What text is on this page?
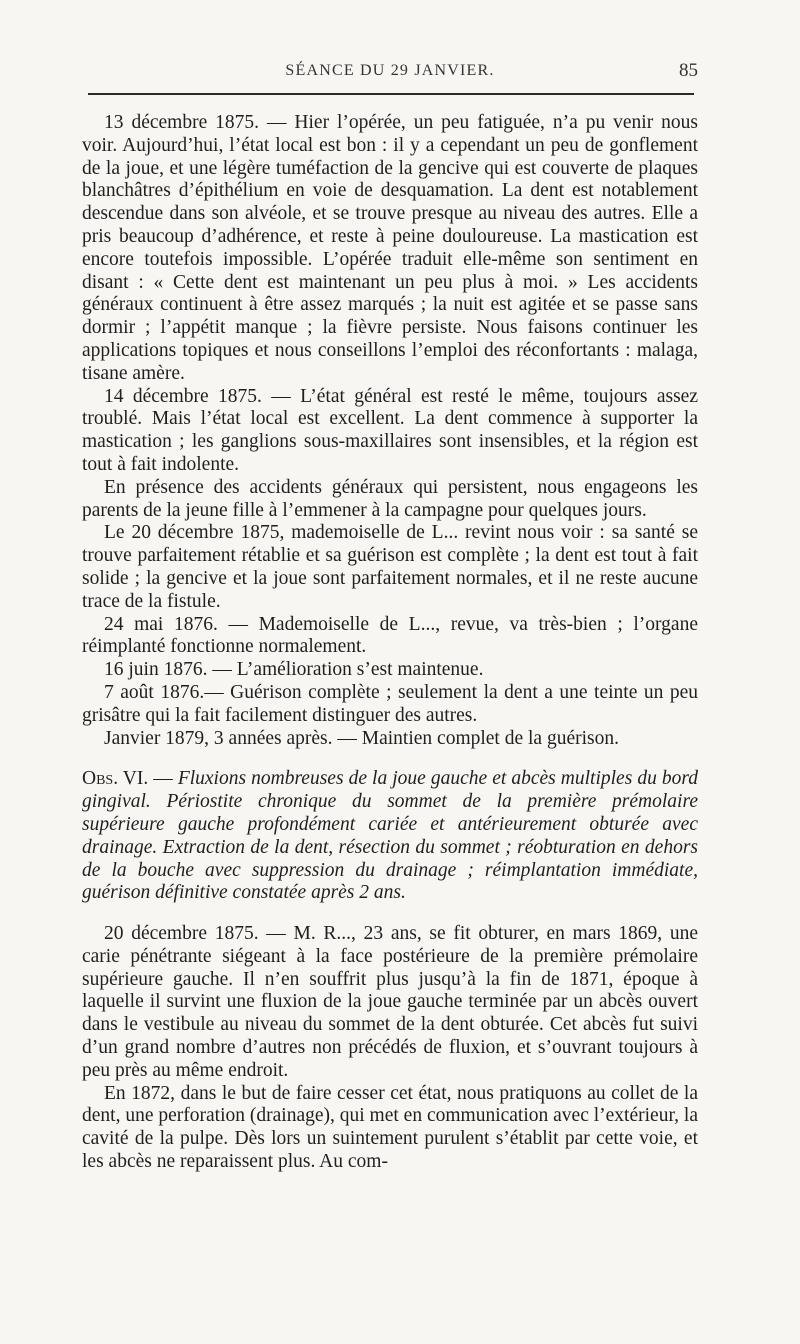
SÉANCE DU 29 JANVIER.	85

13 décembre 1875. — Hier l’opérée, un peu fatiguée, n’a pu venir nous voir. Aujourd’hui, l’état local est bon : il y a cependant un peu de gonflement de la joue, et une légère tuméfaction de la gencive qui est couverte de plaques blanchâtres d’épithélium en voie de desquamation. La dent est notablement descendue dans son alvéole, et se trouve presque au niveau des autres. Elle a pris beaucoup d’adhérence, et reste à peine douloureuse. La mastication est encore toutefois impossible. L’opérée traduit elle-même son sentiment en disant : « Cette dent est maintenant un peu plus à moi. » Les accidents généraux continuent à être assez marqués ; la nuit est agitée et se passe sans dormir ; l’appétit manque ; la fièvre persiste. Nous faisons continuer les applications topiques et nous conseillons l’emploi des réconfortants : malaga, tisane amère.

14 décembre 1875. — L’état général est resté le même, toujours assez troublé. Mais l’état local est excellent. La dent commence à supporter la mastication ; les ganglions sous-maxillaires sont insensibles, et la région est tout à fait indolente.

En présence des accidents généraux qui persistent, nous engageons les parents de la jeune fille à l’emmener à la campagne pour quelques jours.

Le 20 décembre 1875, mademoiselle de L... revint nous voir : sa santé se trouve parfaitement rétablie et sa guérison est complète ; la dent est tout à fait solide ; la gencive et la joue sont parfaitement normales, et il ne reste aucune trace de la fistule.

24 mai 1876. — Mademoiselle de L..., revue, va très-bien ; l’organe réimplanté fonctionne normalement.

16 juin 1876. — L’amélioration s’est maintenue.

7 août 1876.— Guérison complète ; seulement la dent a une teinte un peu grisâtre qui la fait facilement distinguer des autres.

Janvier 1879, 3 années après. — Maintien complet de la guérison.

Obs. VI. — Fluxions nombreuses de la joue gauche et abcès multiples du bord gingival. Périostite chronique du sommet de la première prémolaire supérieure gauche profondément cariée et antérieurement obturée avec drainage. Extraction de la dent, résection du sommet ; réobturation en dehors de la bouche avec suppression du drainage ; réimplantation immédiate, guérison définitive constatée après 2 ans.

20 décembre 1875. — M. R..., 23 ans, se fit obturer, en mars 1869, une carie pénétrante siégeant à la face postérieure de la première prémolaire supérieure gauche. Il n’en souffrit plus jusqu’à la fin de 1871, époque à laquelle il survint une fluxion de la joue gauche terminée par un abcès ouvert dans le vestibule au niveau du sommet de la dent obturée. Cet abcès fut suivi d’un grand nombre d’autres non précédés de fluxion, et s’ouvrant toujours à peu près au même endroit.

En 1872, dans le but de faire cesser cet état, nous pratiquons au collet de la dent, une perforation (drainage), qui met en communication avec l’extérieur, la cavité de la pulpe. Dès lors un suintement purulent s’établit par cette voie, et les abcès ne reparaissent plus. Au com-
